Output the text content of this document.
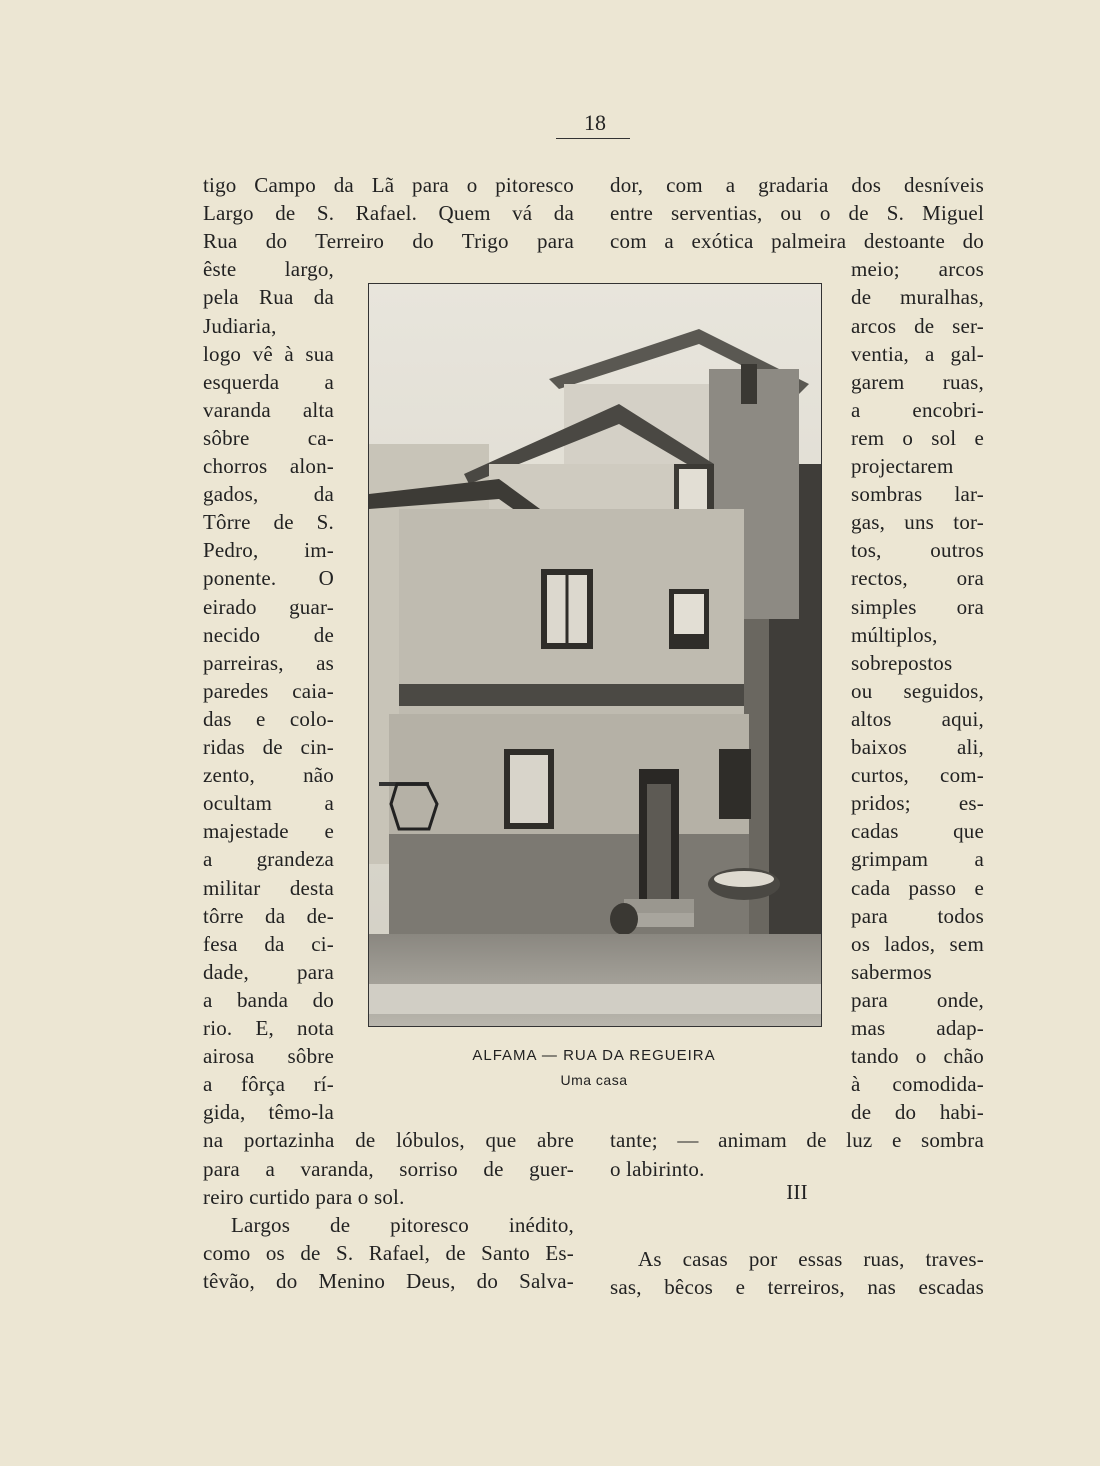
18
tigo Campo da Lã para o pitoresco
Largo de S. Rafael. Quem vá da
Rua do Terreiro do Trigo para
êste largo,
pela Rua da
Judiaria,
logo vê à sua
esquerda a
varanda alta
sôbre ca-
chorros alon-
gados, da
Tôrre de S.
Pedro, im-
ponente. O
eirado guar-
necido de
parreiras, as
paredes caia-
das e colo-
ridas de cin-
zento, não
ocultam a
majestade e
a grandeza
militar desta
tôrre da de-
fesa da ci-
dade, para
a banda do
rio. E, nota
airosa sôbre
a fôrça rí-
gida, têmo-la
na portazinha de lóbulos, que abre
para a varanda, sorriso de guer-
reiro curtido para o sol.
Largos de pitoresco inédito,
como os de S. Rafael, de Santo Es-
têvão, do Menino Deus, do Salva-
dor, com a gradaria dos desníveis
entre serventias, ou o de S. Miguel
com a exótica palmeira destoante do
meio; arcos
de muralhas,
arcos de ser-
ventia, a gal-
garem ruas,
a encobri-
rem o sol e
projectarem
sombras lar-
gas, uns tor-
tos, outros
rectos, ora
simples ora
múltiplos,
sobrepostos
ou seguidos,
altos aqui,
baixos ali,
curtos, com-
pridos; es-
cadas que
grimpam a
cada passo e
para todos
os lados, sem
sabermos
para onde,
mas adap-
tando o chão
à comodida-
de do habi-
tante; — animam de luz e sombra
o labirinto.
As casas por essas ruas, traves-
sas, bêcos e terreiros, nas escadas
ALFAMA — RUA DA REGUEIRA
Uma casa
III
